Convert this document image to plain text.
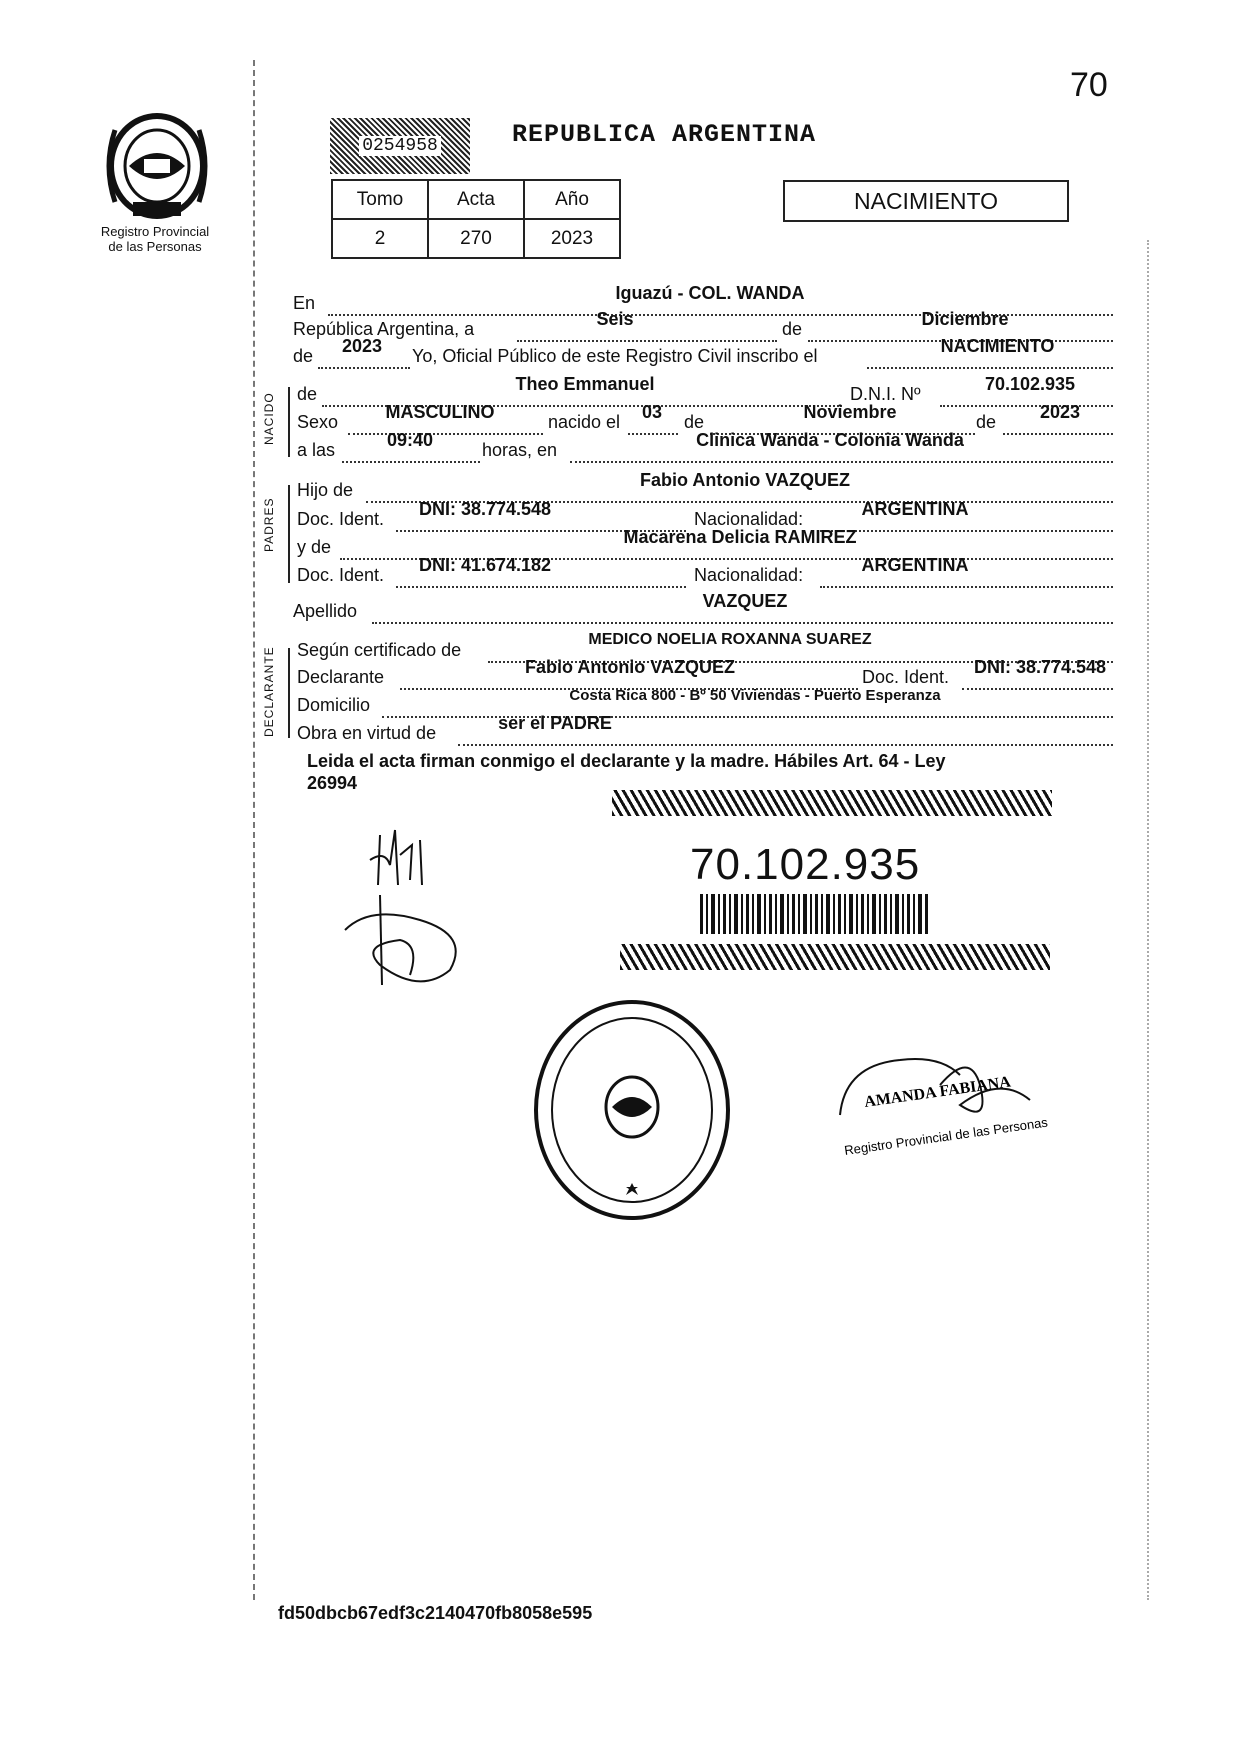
70
Registro Provincial
de las Personas
0254958	REPUBLICA ARGENTINA
Tomo	Acta	Año
2	270	2023
NACIMIENTO
En	Iguazú - COL. WANDA
República Argentina, a	Seis	de	Diciembre
de	2023	Yo, Oficial Público de este Registro Civil inscribo el	NACIMIENTO
NACIDO de	Theo Emmanuel	D.N.I. Nº	70.102.935
Sexo	MASCULINO	nacido el	03	de	Noviembre	de	2023
a las	09:40	horas, en	Clinica Wanda - Colonia Wanda
PADRES
Hijo de	Fabio Antonio VAZQUEZ
Doc. Ident.	DNI: 38.774.548	Nacionalidad:	ARGENTINA
y de	Macarena Delicia RAMIREZ
Doc. Ident.	DNI: 41.674.182	Nacionalidad:	ARGENTINA
Apellido	VAZQUEZ
DECLARANTE Según certificado de
MEDICO NOELIA ROXANNA SUAREZ
Declarante	Fabio Antonio VAZQUEZ	Doc. Ident.	DNI: 38.774.548
Domicilio	Costa Rica 800 - Bº 50 Viviendas - Puerto Esperanza
Obra en virtud de	ser el PADRE
Leida el acta firman conmigo el declarante y la madre. Hábiles Art. 64 - Ley
26994
70.102.935
AMANDA FABIANA
Registro Provincial de las Personas
fd50dbcb67edf3c2140470fb8058e595
